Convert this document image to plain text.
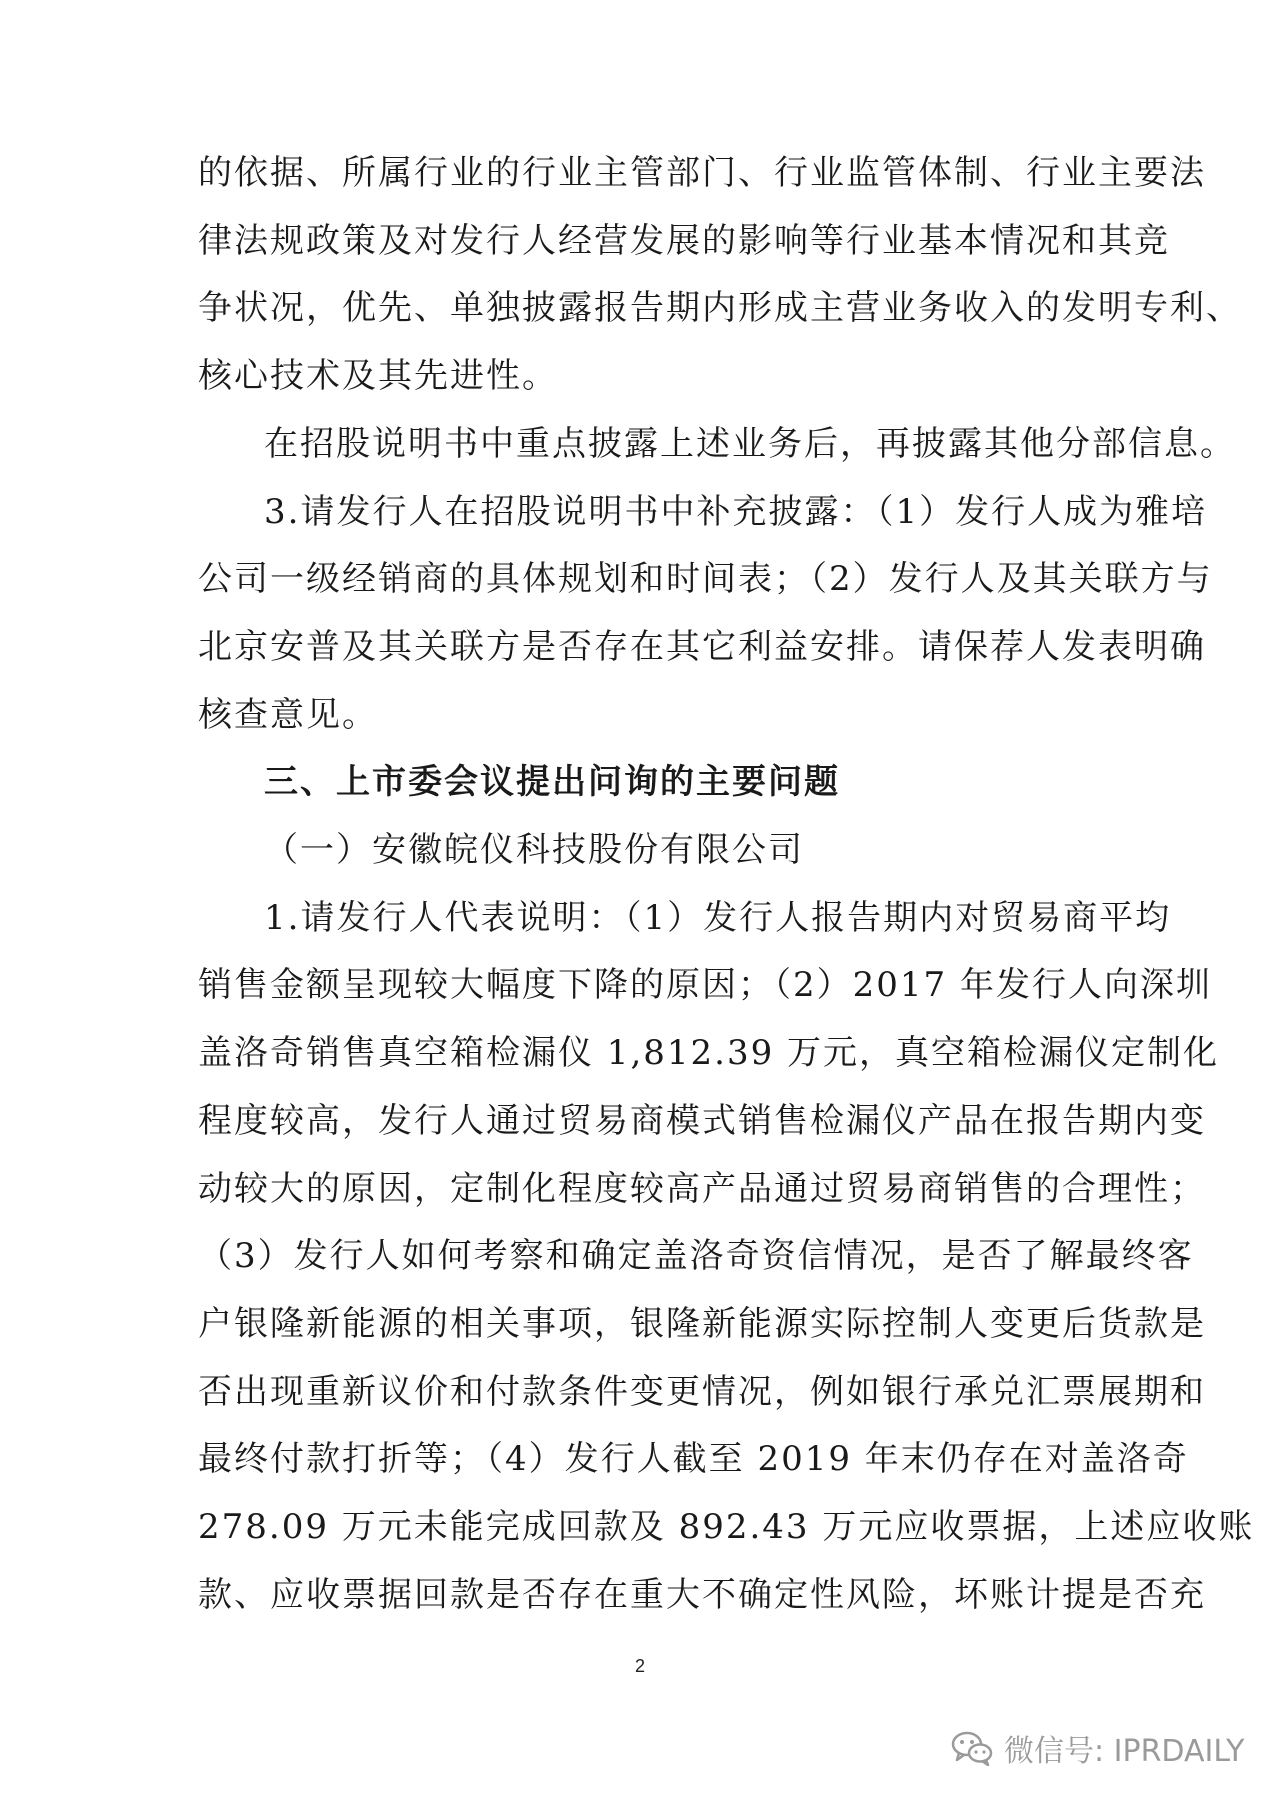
的依据、所属行业的行业主管部门、行业监管体制、行业主要法
律法规政策及对发行人经营发展的影响等行业基本情况和其竞
争状况，优先、单独披露报告期内形成主营业务收入的发明专利、
核心技术及其先进性。
在招股说明书中重点披露上述业务后，再披露其他分部信息。
3.请发行人在招股说明书中补充披露：（1）发行人成为雅培
公司一级经销商的具体规划和时间表；（2）发行人及其关联方与
北京安普及其关联方是否存在其它利益安排。请保荐人发表明确
核查意见。
三、上市委会议提出问询的主要问题
（一）安徽皖仪科技股份有限公司
1.请发行人代表说明：（1）发行人报告期内对贸易商平均
销售金额呈现较大幅度下降的原因；（2）2017 年发行人向深圳
盖洛奇销售真空箱检漏仪 1,812.39 万元，真空箱检漏仪定制化
程度较高，发行人通过贸易商模式销售检漏仪产品在报告期内变
动较大的原因，定制化程度较高产品通过贸易商销售的合理性；
（3）发行人如何考察和确定盖洛奇资信情况，是否了解最终客
户银隆新能源的相关事项，银隆新能源实际控制人变更后货款是
否出现重新议价和付款条件变更情况，例如银行承兑汇票展期和
最终付款打折等；（4）发行人截至 2019 年末仍存在对盖洛奇
278.09 万元未能完成回款及 892.43 万元应收票据，上述应收账
款、应收票据回款是否存在重大不确定性风险，坏账计提是否充
2
微信号: IPRDAILY
